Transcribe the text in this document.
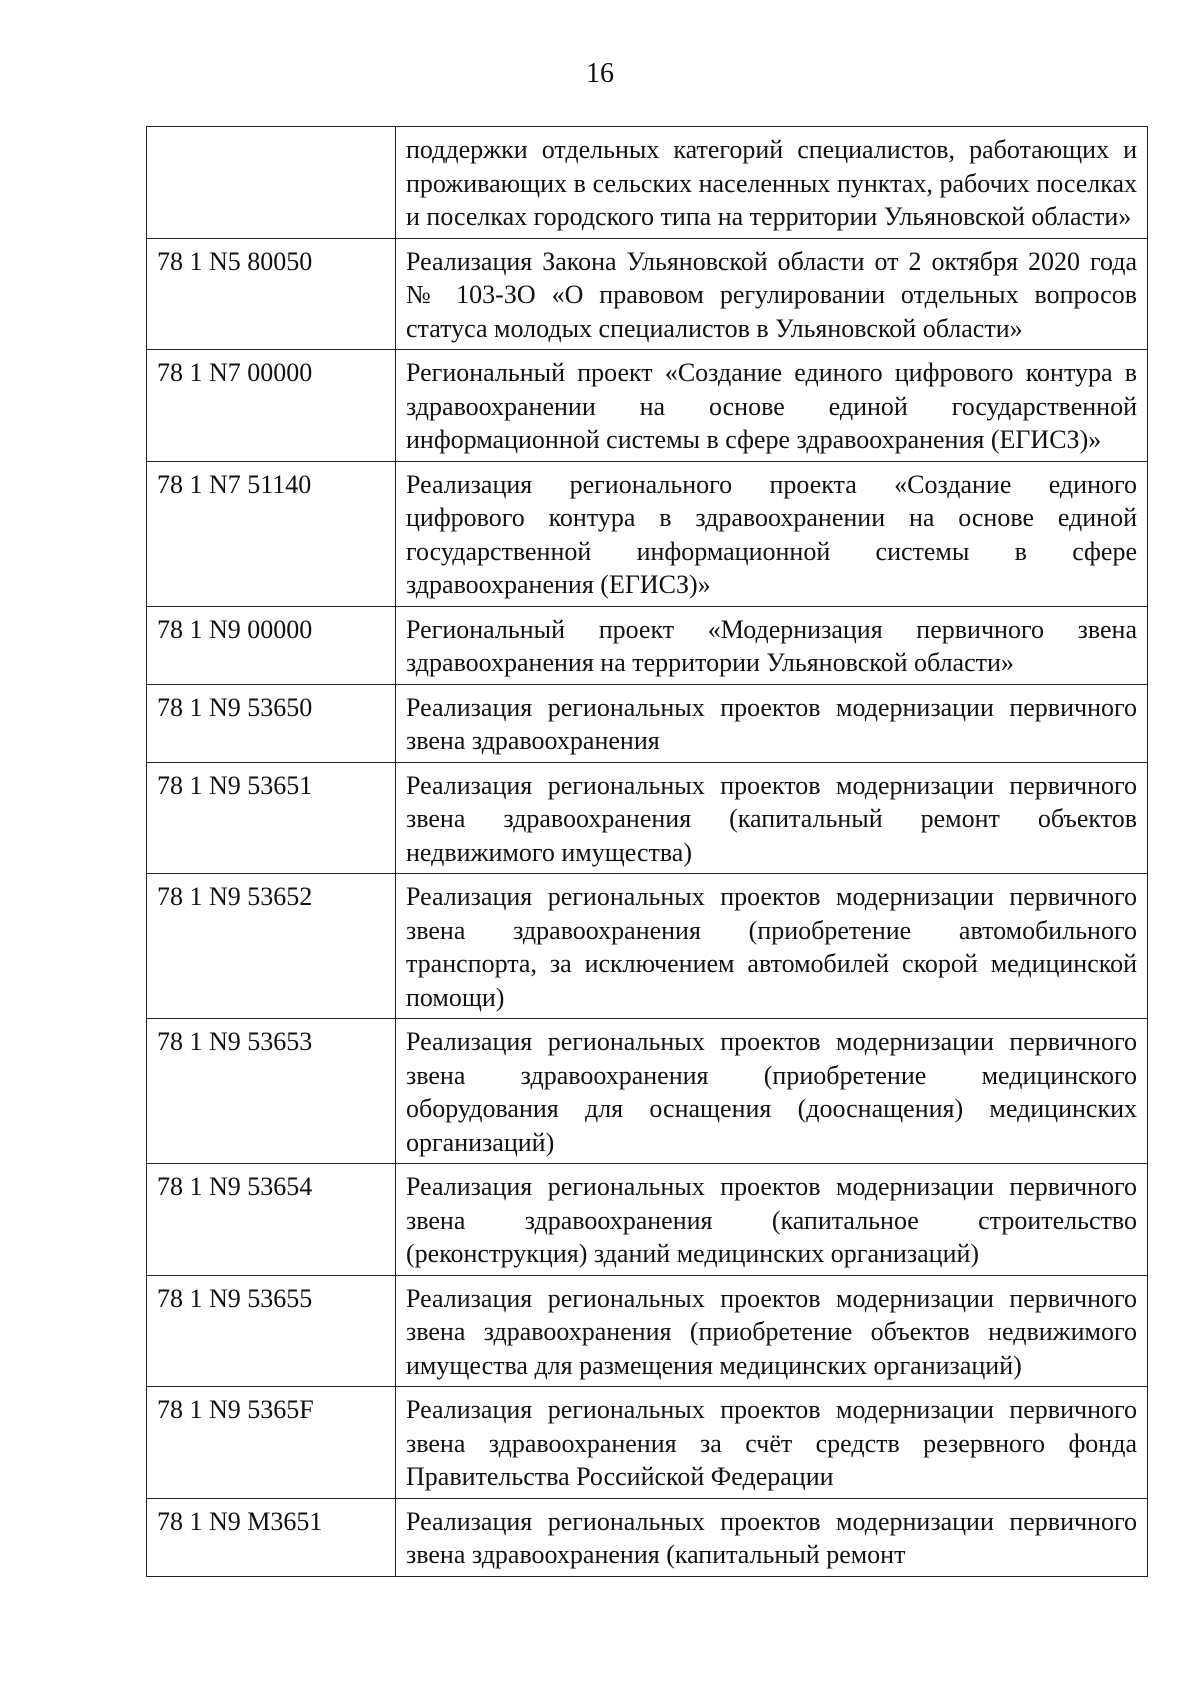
16
	поддержки отдельных категорий специалистов, работающих и проживающих в сельских населенных пунктах, рабочих поселках и поселках городского типа на территории Ульяновской области»
78 1 N5 80050	Реализация Закона Ульяновской области от 2 октября 2020 года № 103-ЗО «О правовом регулировании отдельных вопросов статуса молодых специалистов в Ульяновской области»
78 1 N7 00000	Региональный проект «Создание единого цифрового контура в здравоохранении на основе единой государственной информационной системы в сфере здравоохранения (ЕГИСЗ)»
78 1 N7 51140	Реализация регионального проекта «Создание единого цифрового контура в здравоохранении на основе единой государственной информационной системы в сфере здравоохранения (ЕГИСЗ)»
78 1 N9 00000	Региональный проект «Модернизация первичного звена здравоохранения на территории Ульяновской области»
78 1 N9 53650	Реализация региональных проектов модернизации первичного звена здравоохранения
78 1 N9 53651	Реализация региональных проектов модернизации первичного звена здравоохранения (капитальный ремонт объектов недвижимого имущества)
78 1 N9 53652	Реализация региональных проектов модернизации первичного звена здравоохранения (приобретение автомобильного транспорта, за исключением автомобилей скорой медицинской помощи)
78 1 N9 53653	Реализация региональных проектов модернизации первичного звена здравоохранения (приобретение медицинского оборудования для оснащения (дооснащения) медицинских организаций)
78 1 N9 53654	Реализация региональных проектов модернизации первичного звена здравоохранения (капитальное строительство (реконструкция) зданий медицинских организаций)
78 1 N9 53655	Реализация региональных проектов модернизации первичного звена здравоохранения (приобретение объектов недвижимого имущества для размещения медицинских организаций)
78 1 N9 5365F	Реализация региональных проектов модернизации первичного звена здравоохранения за счёт средств резервного фонда Правительства Российской Федерации
78 1 N9 M3651	Реализация региональных проектов модернизации первичного звена здравоохранения (капитальный ремонт
